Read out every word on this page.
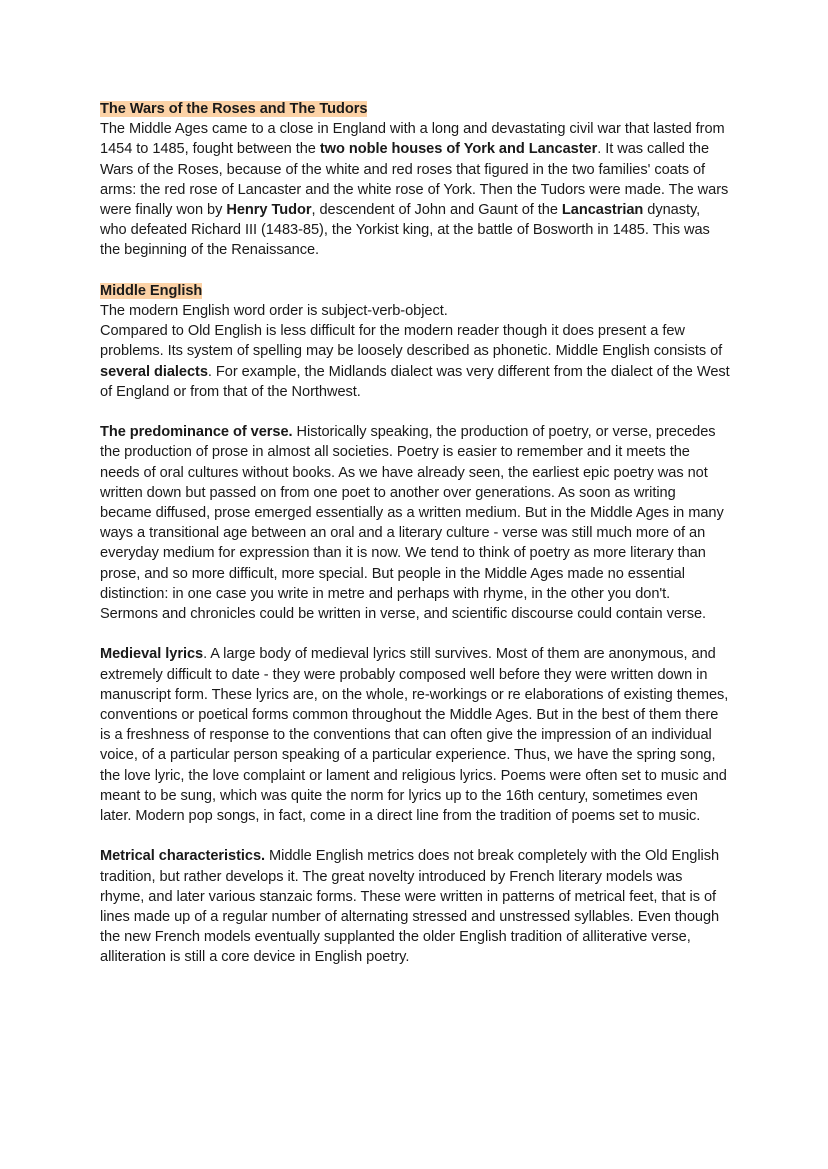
The Wars of the Roses and The Tudors

The Middle Ages came to a close in England with a long and devastating civil war that lasted from 1454 to 1485, fought between the two noble houses of York and Lancaster. It was called the Wars of the Roses, because of the white and red roses that figured in the two families' coats of arms: the red rose of Lancaster and the white rose of York. Then the Tudors were made. The wars were finally won by Henry Tudor, descendent of John and Gaunt of the Lancastrian dynasty, who defeated Richard III (1483-85), the Yorkist king, at the battle of Bosworth in 1485. This was the beginning of the Renaissance.

Middle English

The modern English word order is subject-verb-object.

Compared to Old English is less difficult for the modern reader though it does present a few problems. Its system of spelling may be loosely described as phonetic. Middle English consists of several dialects. For example, the Midlands dialect was very different from the dialect of the West of England or from that of the Northwest.

The predominance of verse. Historically speaking, the production of poetry, or verse, precedes the production of prose in almost all societies. Poetry is easier to remember and it meets the needs of oral cultures without books. As we have already seen, the earliest epic poetry was not written down but passed on from one poet to another over generations. As soon as writing became diffused, prose emerged essentially as a written medium. But in the Middle Ages in many ways a transitional age between an oral and a literary culture - verse was still much more of an everyday medium for expression than it is now. We tend to think of poetry as more literary than prose, and so more difficult, more special. But people in the Middle Ages made no essential distinction: in one case you write in metre and perhaps with rhyme, in the other you don't. Sermons and chronicles could be written in verse, and scientific discourse could contain verse.

Medieval lyrics. A large body of medieval lyrics still survives. Most of them are anonymous, and extremely difficult to date - they were probably composed well before they were written down in manuscript form. These lyrics are, on the whole, re-workings or re elaborations of existing themes, conventions or poetical forms common throughout the Middle Ages. But in the best of them there is a freshness of response to the conventions that can often give the impression of an individual voice, of a particular person speaking of a particular experience. Thus, we have the spring song, the love lyric, the love complaint or lament and religious lyrics. Poems were often set to music and meant to be sung, which was quite the norm for lyrics up to the 16th century, sometimes even later. Modern pop songs, in fact, come in a direct line from the tradition of poems set to music.

Metrical characteristics. Middle English metrics does not break completely with the Old English tradition, but rather develops it. The great novelty introduced by French literary models was rhyme, and later various stanzaic forms. These were written in patterns of metrical feet, that is of lines made up of a regular number of alternating stressed and unstressed syllables. Even though the new French models eventually supplanted the older English tradition of alliterative verse, alliteration is still a core device in English poetry.
